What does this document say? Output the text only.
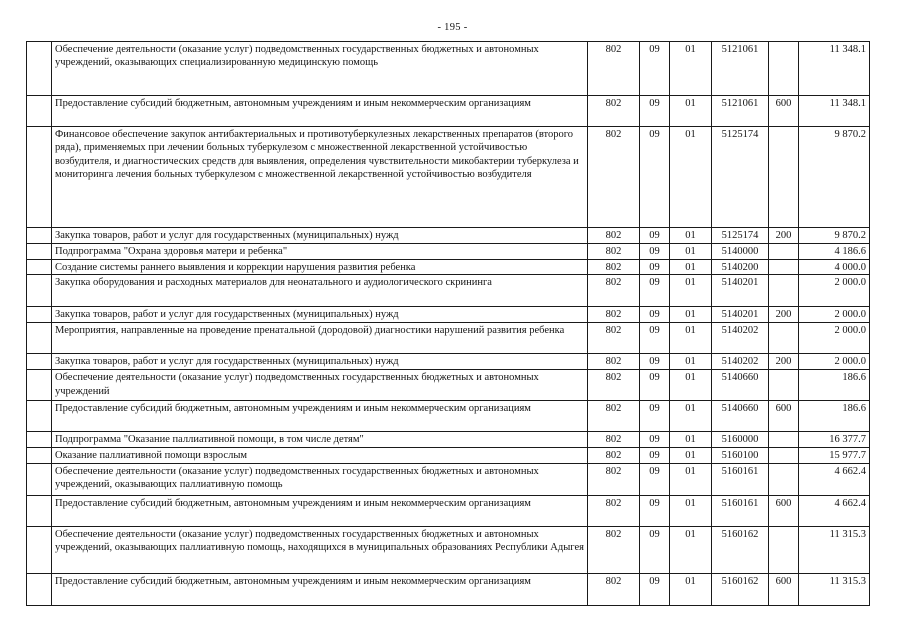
- 195 -
	Обеспечение деятельности (оказание услуг) подведомственных государственных бюджетных и автономных учреждений, оказывающих специализированную медицинскую помощь	802	09	01	5121061		11 348.1
	Предоставление субсидий бюджетным, автономным учреждениям и иным некоммерческим организациям	802	09	01	5121061	600	11 348.1
	Финансовое обеспечение закупок антибактериальных и противотуберкулезных лекарственных препаратов (второго ряда), применяемых при лечении больных туберкулезом с множественной лекарственной устойчивостью возбудителя, и диагностических средств для выявления, определения чувствительности микобактерии туберкулеза и мониторинга лечения больных туберкулезом с множественной лекарственной устойчивостью возбудителя	802	09	01	5125174		9 870.2
	Закупка товаров, работ и услуг для государственных (муниципальных) нужд	802	09	01	5125174	200	9 870.2
	Подпрограмма "Охрана здоровья матери и ребенка"	802	09	01	5140000		4 186.6
	Создание системы раннего выявления и коррекции нарушения развития ребенка	802	09	01	5140200		4 000.0
	Закупка оборудования и расходных материалов для неонатального и аудиологического скрининга	802	09	01	5140201		2 000.0
	Закупка товаров, работ и услуг для государственных (муниципальных) нужд	802	09	01	5140201	200	2 000.0
	Мероприятия, направленные на проведение пренатальной (дородовой) диагностики нарушений развития ребенка	802	09	01	5140202		2 000.0
	Закупка товаров, работ и услуг для государственных (муниципальных) нужд	802	09	01	5140202	200	2 000.0
	Обеспечение деятельности (оказание услуг) подведомственных государственных бюджетных и автономных учреждений	802	09	01	5140660		186.6
	Предоставление субсидий бюджетным, автономным учреждениям и иным некоммерческим организациям	802	09	01	5140660	600	186.6
	Подпрограмма "Оказание паллиативной помощи, в том числе детям"	802	09	01	5160000		16 377.7
	Оказание паллиативной помощи взрослым	802	09	01	5160100		15 977.7
	Обеспечение деятельности (оказание услуг) подведомственных государственных бюджетных и автономных учреждений, оказывающих паллиативную помощь	802	09	01	5160161		4 662.4
	Предоставление субсидий бюджетным, автономным учреждениям и иным некоммерческим организациям	802	09	01	5160161	600	4 662.4
	Обеспечение деятельности (оказание услуг) подведомственных государственных бюджетных и автономных учреждений, оказывающих паллиативную помощь, находящихся в муниципальных образованиях Республики Адыгея	802	09	01	5160162		11 315.3
	Предоставление субсидий бюджетным, автономным учреждениям и иным некоммерческим организациям	802	09	01	5160162	600	11 315.3
